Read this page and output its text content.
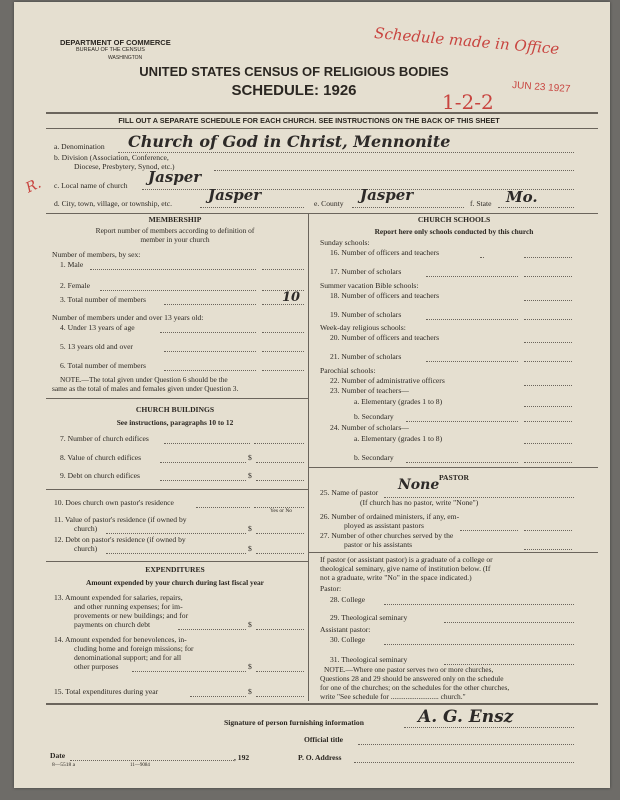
DEPARTMENT OF COMMERCE
BUREAU OF THE CENSUS
WASHINGTON
UNITED STATES CENSUS OF RELIGIOUS BODIES
SCHEDULE: 1926
FILL OUT A SEPARATE SCHEDULE FOR EACH CHURCH. SEE INSTRUCTIONS ON THE BACK OF THIS SHEET
Schedule made in Office
1-2-2
JUN 23 1927
R.
a. Denomination Church of God in Christ, Mennonite
b. Division (Association, Conference,
Diocese, Presbytery, Synod, etc.)
c. Local name of church Jasper
d. City, town, village, or township, etc. Jasper	e. County Jasper	f. State Mo.
MEMBERSHIP
Report number of members according to definition of
member in your church
Number of members, by sex:
1. Male
2. Female
3. Total number of members	10
Number of members under and over 13 years old:
4. Under 13 years of age
5. 13 years old and over
6. Total number of members
NOTE.—The total given under Question 6 should be the
same as the total of males and females given under Question 3.
CHURCH BUILDINGS
See instructions, paragraphs 10 to 12
7. Number of church edifices
8. Value of church edifices	$
9. Debt on church edifices	$
10. Does church own pastor's residence
Yes or No
11. Value of pastor's residence (if owned by
church)	$
12. Debt on pastor's residence (if owned by
church)	$
EXPENDITURES
Amount expended by your church during last fiscal year
13. Amount expended for salaries, repairs,
and other running expenses; for im-
provements or new buildings; and for
payments on church debt	$
14. Amount expended for benevolences, in-
cluding home and foreign missions; for
denominational support; and for all
other purposes	$
15. Total expenditures during year	$
CHURCH SCHOOLS
Report here only schools conducted by this church
Sunday schools:
16. Number of officers and teachers
17. Number of scholars
Summer vacation Bible schools:
18. Number of officers and teachers
19. Number of scholars
Week-day religious schools:
20. Number of officers and teachers
21. Number of scholars
Parochial schools:
22. Number of administrative officers
23. Number of teachers—
a. Elementary (grades 1 to 8)
b. Secondary
24. Number of scholars—
a. Elementary (grades 1 to 8)
b. Secondary
PASTOR
25. Name of pastor None
(If church has no pastor, write "None")
26. Number of ordained ministers, if any, em-
ployed as assistant pastors
27. Number of other churches served by the
pastor or his assistants
If pastor (or assistant pastor) is a graduate of a college or
theological seminary, give name of institution below. (If
not a graduate, write "No" in the space indicated.)
Pastor:
28. College
29. Theological seminary
Assistant pastor:
30. College
31. Theological seminary
NOTE.—Where one pastor serves two or more churches,
Questions 28 and 29 should be answered only on the schedule
for one of the churches; on the schedules for the other churches,
write "See schedule for .......................... church."
Signature of person furnishing information	A. G. Ensz
Official title
Date	, 192	P. O. Address
8—5518 a	11—9084
